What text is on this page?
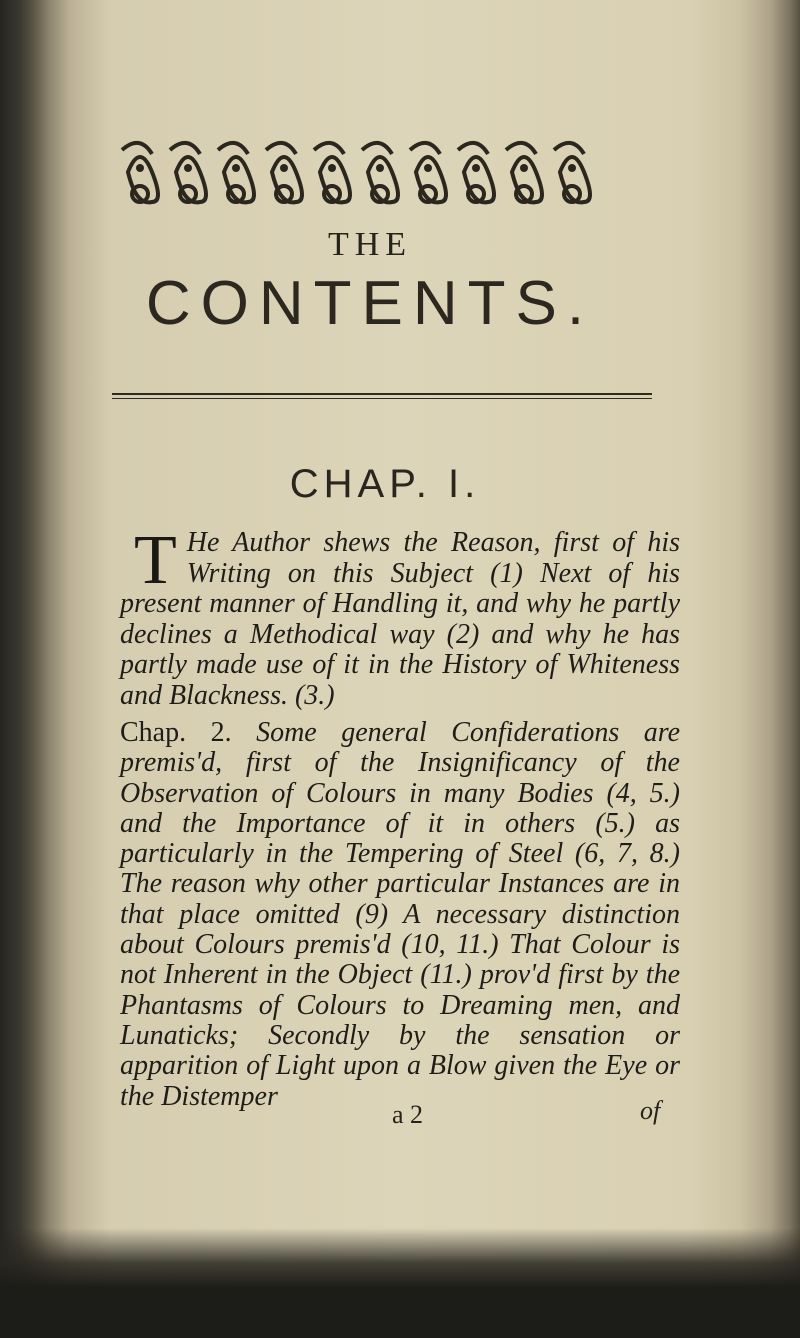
THE
CONTENTS.
CHAP. I.

T He Author shews the Reason, first of his Writing on this Subject (1) Next of his present manner of Handling it, and why he partly declines a Methodical way (2) and why he has partly made use of it in the History of Whiteness and Blackness. (3.)

Chap. 2. Some general Confiderations are premis'd, first of the Insignificancy of the Observation of Colours in many Bodies (4, 5.) and the Importance of it in others (5.) as particularly in the Tempering of Steel (6, 7, 8.) The reason why other particular Instances are in that place omitted (9) A necessary distinction about Colours premis'd (10, 11.) That Colour is not Inherent in the Object (11.) prov'd first by the Phantasms of Colours to Dreaming men, and Lunaticks; Secondly by the sensation or apparition of Light upon a Blow given the Eye or the Distemper

a 2	of
